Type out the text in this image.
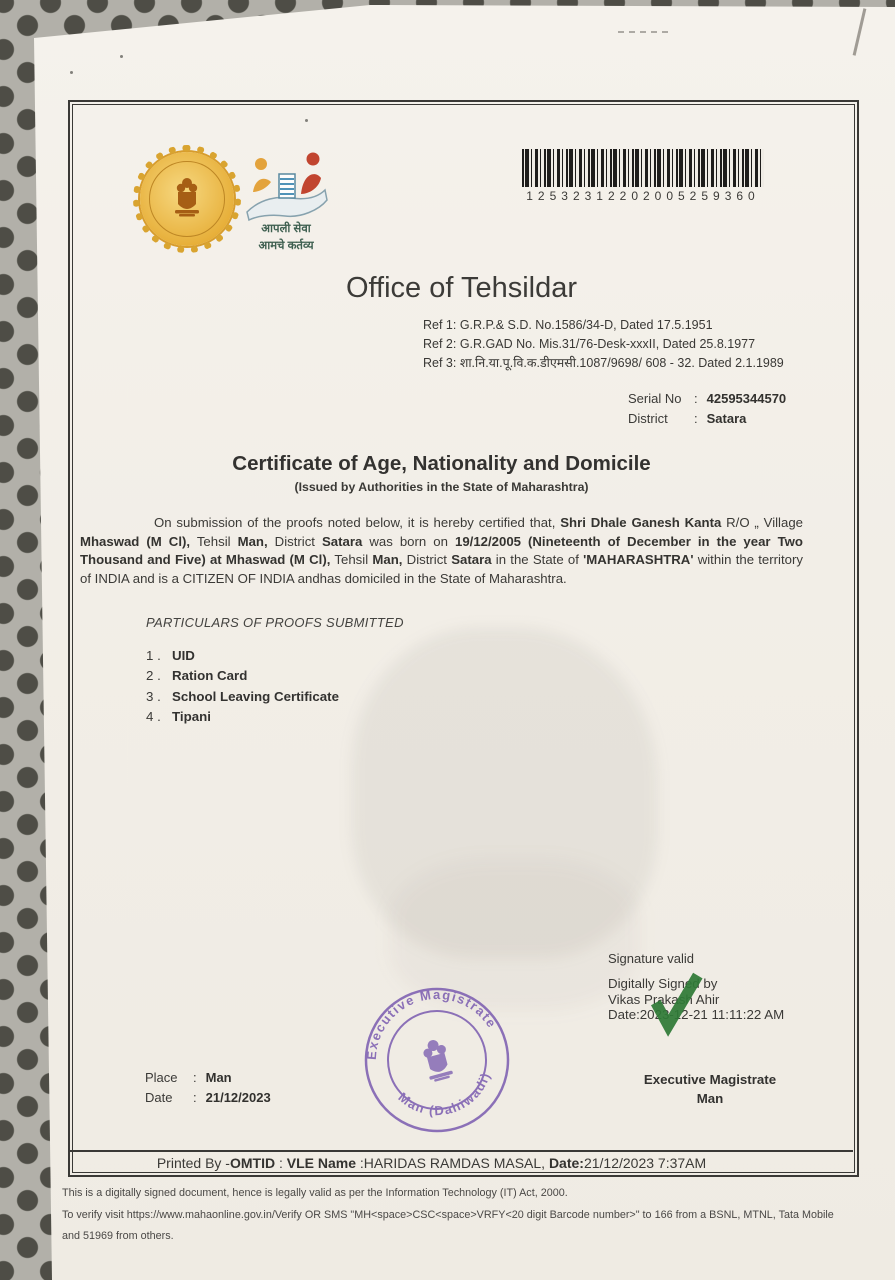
आपली सेवा
आमचे कर्तव्य
12532312202005259360
Office of Tehsildar
Ref 1: G.R.P.& S.D. No.1586/34-D, Dated 17.5.1951
Ref 2: G.R.GAD No. Mis.31/76-Desk-xxxII, Dated 25.8.1977
Ref 3: शा.नि.या.पू.वि.क.डीएमसी.1087/9698/ 608 - 32. Dated 2.1.1989
Serial No : 42595344570
District : Satara
Certificate of Age, Nationality and Domicile
(Issued by Authorities in the State of Maharashtra)
On submission of the proofs noted below, it is hereby certified that, Shri Dhale Ganesh Kanta R/O „ Village Mhaswad (M Cl), Tehsil Man, District Satara was born on 19/12/2005 (Nineteenth of December in the year Two Thousand and Five) at Mhaswad (M Cl), Tehsil Man, District Satara in the State of 'MAHARASHTRA' within the territory of INDIA and is a CITIZEN OF INDIA andhas domiciled in the State of Maharashtra.
PARTICULARS OF PROOFS SUBMITTED
1 . UID
2 . Ration Card
3 . School Leaving Certificate
4 . Tipani
Signature valid
Digitally Signed by
Vikas Prakash Ahir
Date:2023-12-21 11:11:22 AM
Executive Magistrate
Man (Dahiwadi)
Place : Man
Date : 21/12/2023
Executive Magistrate
Man
Printed By -OMTID : VLE Name :HARIDAS RAMDAS MASAL, Date:21/12/2023 7:37AM
This is a digitally signed document, hence is legally valid as per the Information Technology (IT) Act, 2000.
To verify visit https://www.mahaonline.gov.in/Verify OR SMS "MH<space>CSC<space>VRFY<20 digit Barcode number>" to 166 from a BSNL, MTNL, Tata Mobile and 51969 from others.
